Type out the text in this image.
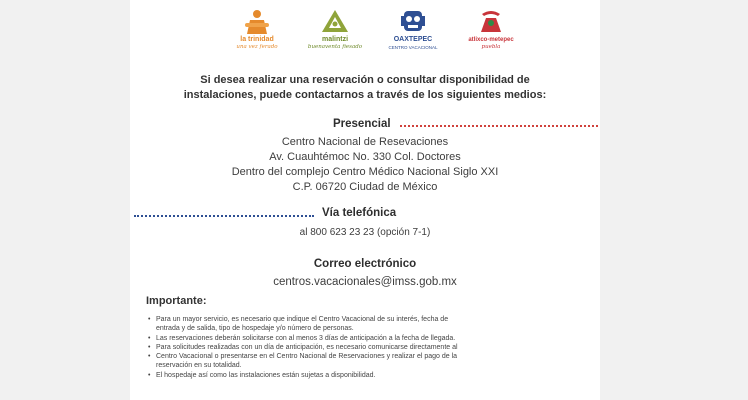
la trinidad
una vez ferado
malintzi
buenaventa fiesado
OAXTEPEC
CENTRO VACACIONAL
atlixco-metepec
puebla
Si desea realizar una reservación o consultar disponibilidad de
instalaciones, puede contactarnos a través de los siguientes medios:
Presencial
Centro Nacional de Resevaciones
Av. Cuauhtémoc No. 330 Col. Doctores
Dentro del complejo Centro Médico Nacional Siglo XXI
C.P. 06720 Ciudad de México
Vía telefónica
al 800 623 23 23 (opción 7-1)
Correo electrónico
centros.vacacionales@imss.gob.mx
Importante:
• Para un mayor servicio, es necesario que indique el Centro Vacacional de su interés, fecha de
entrada y de salida, tipo de hospedaje y/o número de personas.
• Las reservaciones deberán solicitarse con al menos 3 días de anticipación a la fecha de llegada.
• Para solicitudes realizadas con un día de anticipación, es necesario comunicarse directamente al
• Centro Vacacional o presentarse en el Centro Nacional de Reservaciones y realizar el pago de la
reservación en su totalidad.
• El hospedaje así como las instalaciones están sujetas a disponibilidad.
